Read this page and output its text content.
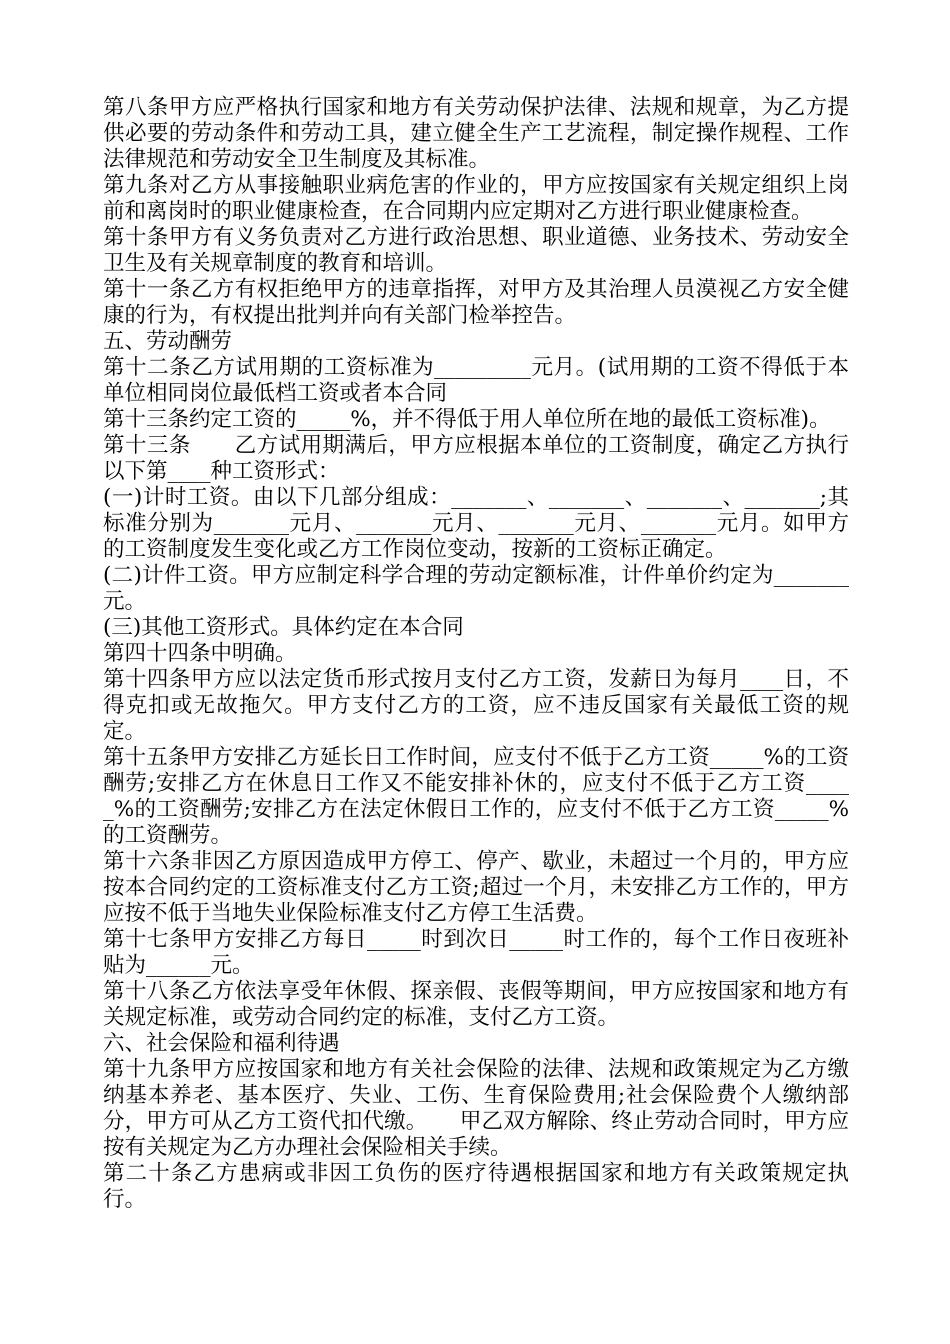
第八条甲方应严格执行国家和地方有关劳动保护法律、法规和规章，为乙方提供必要的劳动条件和劳动工具，建立健全生产工艺流程，制定操作规程、工作法律规范和劳动安全卫生制度及其标准。

第九条对乙方从事接触职业病危害的作业的，甲方应按国家有关规定组织上岗前和离岗时的职业健康检查，在合同期内应定期对乙方进行职业健康检查。

第十条甲方有义务负责对乙方进行政治思想、职业道德、业务技术、劳动安全卫生及有关规章制度的教育和培训。

第十一条乙方有权拒绝甲方的违章指挥，对甲方及其治理人员漠视乙方安全健康的行为，有权提出批判并向有关部门检举控告。

五、劳动酬劳

第十二条乙方试用期的工资标准为_________元月。(试用期的工资不得低于本单位相同岗位最低档工资或者本合同

第十三条约定工资的_____%，并不得低于用人单位所在地的最低工资标准)。

第十三条　　乙方试用期满后，甲方应根据本单位的工资制度，确定乙方执行以下第____种工资形式：

(一)计时工资。由以下几部分组成：_______、_______、_______、_______;其标准分别为_______元月、_______元月、_______元月、_______元月。如甲方的工资制度发生变化或乙方工作岗位变动，按新的工资标正确定。

(二)计件工资。甲方应制定科学合理的劳动定额标准，计件单价约定为_______元。

(三)其他工资形式。具体约定在本合同

第四十四条中明确。

第十四条甲方应以法定货币形式按月支付乙方工资，发薪日为每月____日，不得克扣或无故拖欠。甲方支付乙方的工资，应不违反国家有关最低工资的规定。

第十五条甲方安排乙方延长日工作时间，应支付不低于乙方工资_____%的工资酬劳;安排乙方在休息日工作又不能安排补休的，应支付不低于乙方工资_____%的工资酬劳;安排乙方在法定休假日工作的，应支付不低于乙方工资_____%的工资酬劳。

第十六条非因乙方原因造成甲方停工、停产、歇业，未超过一个月的，甲方应按本合同约定的工资标准支付乙方工资;超过一个月，未安排乙方工作的，甲方应按不低于当地失业保险标准支付乙方停工生活费。

第十七条甲方安排乙方每日_____时到次日_____时工作的，每个工作日夜班补贴为______元。

第十八条乙方依法享受年休假、探亲假、丧假等期间，甲方应按国家和地方有关规定标准，或劳动合同约定的标准，支付乙方工资。

六、社会保险和福利待遇

第十九条甲方应按国家和地方有关社会保险的法律、法规和政策规定为乙方缴纳基本养老、基本医疗、失业、工伤、生育保险费用;社会保险费个人缴纳部分，甲方可从乙方工资代扣代缴。　　甲乙双方解除、终止劳动合同时，甲方应按有关规定为乙方办理社会保险相关手续。

第二十条乙方患病或非因工负伤的医疗待遇根据国家和地方有关政策规定执行。
